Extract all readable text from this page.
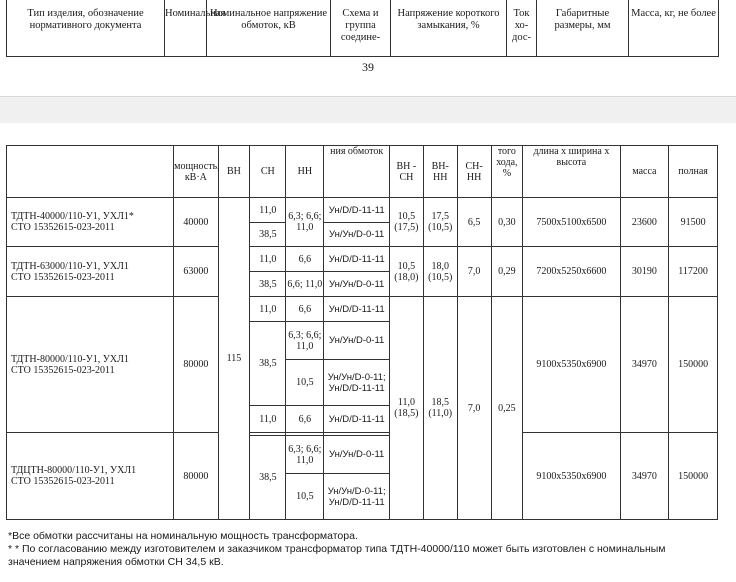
Тип изделия, обозначение нормативного документа	Номинальная	Номинальное напряжение обмоток, кВ	Схема и группа соедине-	Напряжение короткого замыкания, %	Ток хо-дос-	Габаритные размеры, мм	Масса, кг, не более
39
	мощность, кВ·А	ВН	СН	НН	ния обмоток	ВН - СН	ВН- НН	СН- НН	того хода, %	длина х ширина х высота	масса	полная

ТДТН-40000/110-У1, УХЛ1*
СТО 15352615-023-2011	40000	115	11,0	6,3; 6,6; 11,0	Ун/D/D-11-11	10,5 (17,5)	17,5 (10,5)	6,5	0,30	7500x5100x6500	23600	91500
			38,5		Ун/Ун/D-0-11							

ТДТН-63000/110-У1, УХЛ1
СТО 15352615-023-2011	63000		11,0	6,6	Ун/D/D-11-11	10,5 (18,0)	18,0 (10,5)	7,0	0,29	7200x5250x6600	30190	117200
			38,5	6,6; 11,0	Ун/Ун/D-0-11							

ТДТН-80000/110-У1, УХЛ1
СТО 15352615-023-2011	80000		11,0	6,6	Ун/D/D-11-11	11,0 (18,5)	18,5 (11,0)	7,0	0,25	9100x5350x6900	34970	150000
			38,5	6,3; 6,6; 11,0	Ун/Ун/D-0-11							
				10,5	Ун/Ун/D-0-11; Ун/D/D-11-11							
			11,0	6,6	Ун/D/D-11-11							

ТДЦТН-80000/110-У1, УХЛ1
СТО 15352615-023-2011	80000									9100x5350x6900	34970	150000

			38,5	6,3; 6,6; 11,0	Ун/Ун/D-0-11							
				10,5	Ун/Ун/D-0-11; Ун/D/D-11-11							
*Все обмотки рассчитаны на номинальную мощность трансформатора.
* * По согласованию между изготовителем и заказчиком трансформатор типа ТДТН-40000/110 может быть изготовлен с номинальным
значением напряжения обмотки СН 34,5 кВ.
